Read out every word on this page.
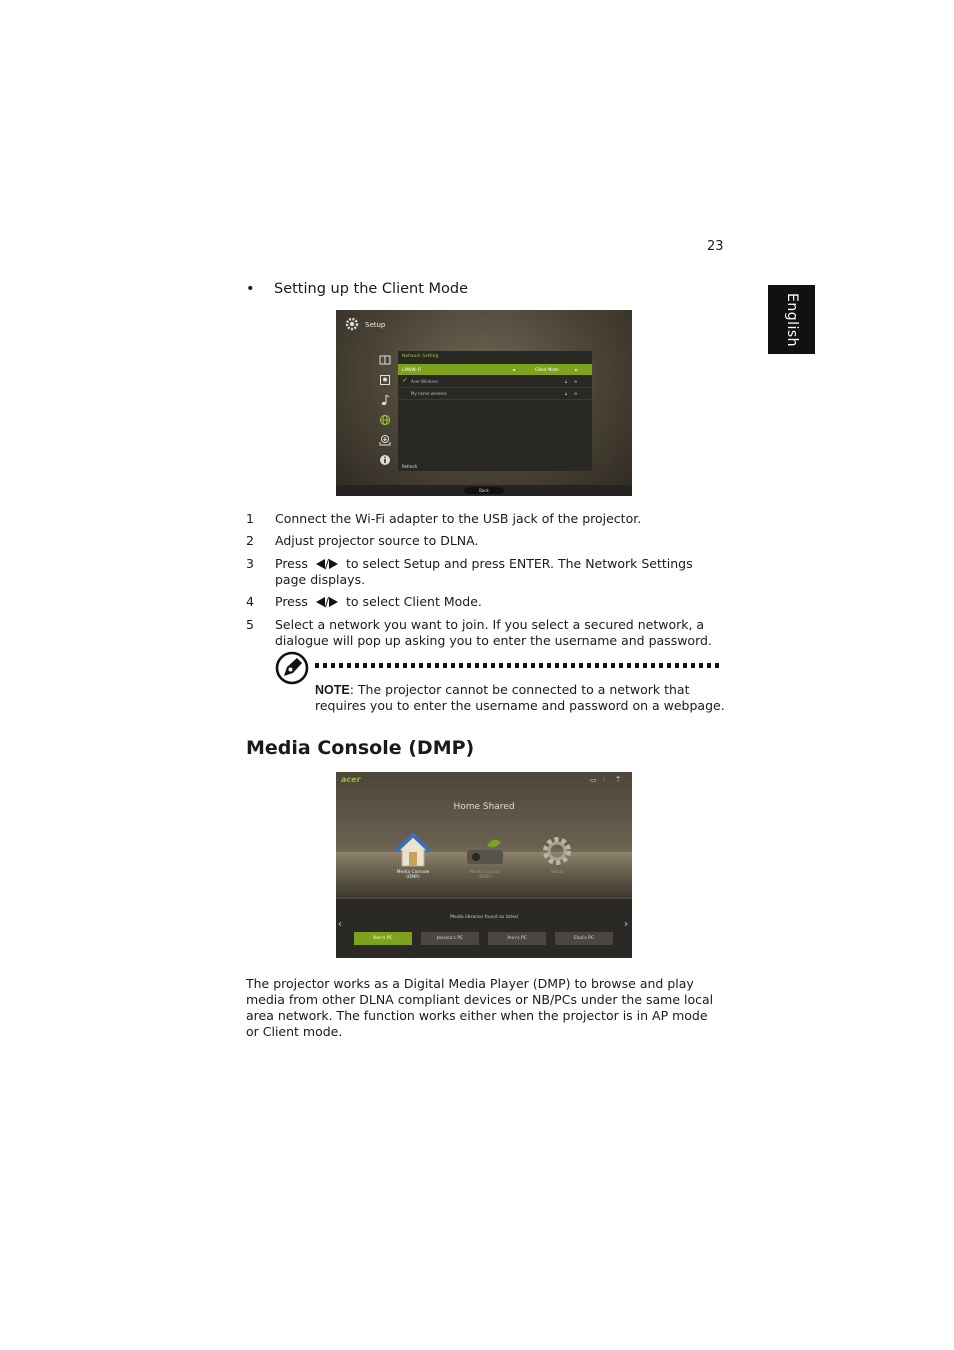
23
English
• Setting up the Client Mode
Setup
Network Setting
LAN/Wi-Fi	◄	Client Mode	►
✓ Acer Wireless	🔒︎ ≋
My home wireless	🔒︎ ≋
Refresh
Back
1 Connect the Wi-Fi adapter to the USB jack of the projector.
2 Adjust projector source to DLNA.
3 Press / to select Setup and press ENTER. The Network Settings page displays.
4 Press / to select Client Mode.
5 Select a network you want to join. If you select a secured network, a dialogue will pop up asking you to enter the username and password.
NOTE: The projector cannot be connected to a network that requires you to enter the username and password on a webpage.
Media Console (DMP)
acer	▭ ⫶ ⍑
Home Shared
Media Console
(DMP)
Media Display
(DMR)
Setup
Media libraries found as listed
Ken's PC	Jessica's PC	Ann's PC	Elsa's PC
‹	›
The projector works as a Digital Media Player (DMP) to browse and play media from other DLNA compliant devices or NB/PCs under the same local area network. The function works either when the projector is in AP mode or Client mode.
